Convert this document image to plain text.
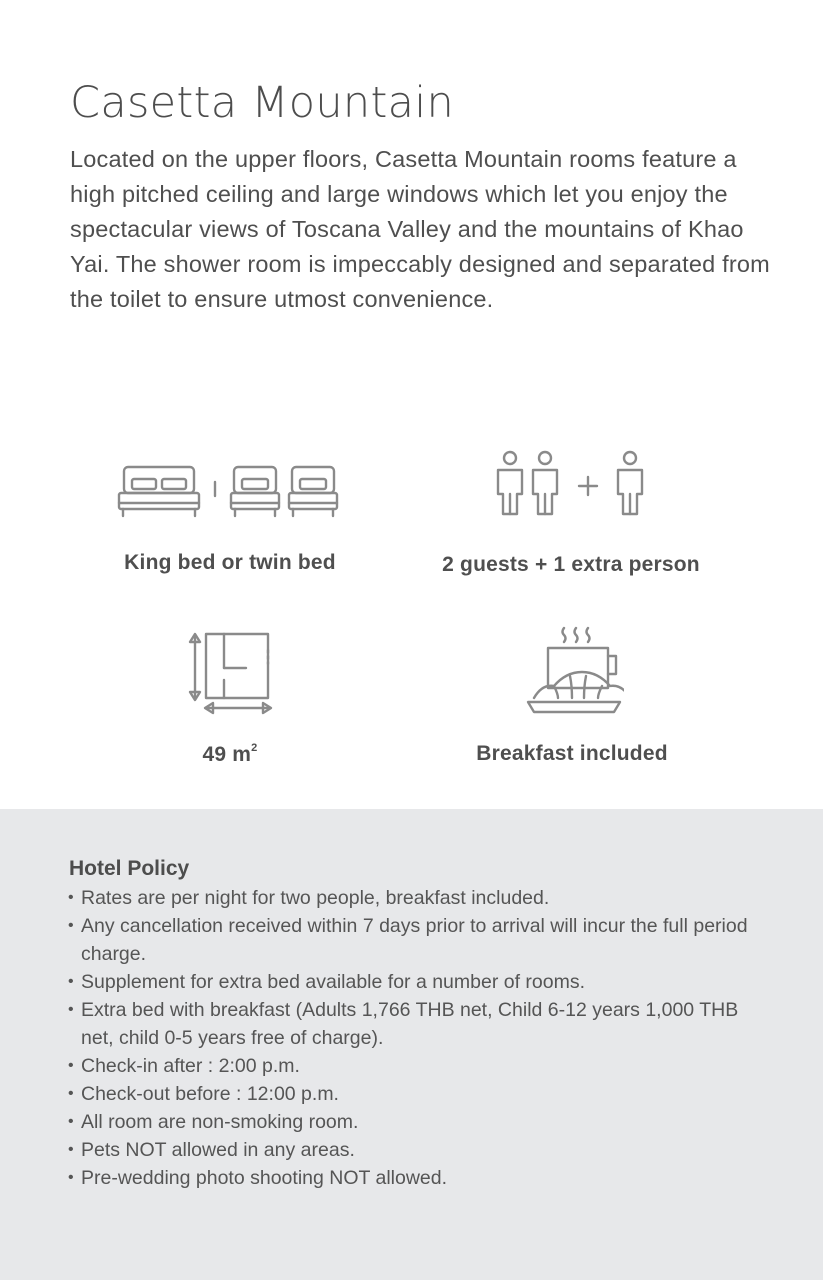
Casetta Mountain

Located on the upper floors, Casetta Mountain rooms feature a high pitched ceiling and large windows which let you enjoy the spectacular views of Toscana Valley and the mountains of Khao Yai. The shower room is impeccably designed and separated from the toilet to ensure utmost convenience.

King bed or twin bed	2 guests + 1 extra person
49 $m^2$	Breakfast included
Hotel Policy
• Rates are per night for two people, breakfast included.
• Any cancellation received within 7 days prior to arrival will incur the full period charge.
• Supplement for extra bed available for a number of rooms.
• Extra bed with breakfast (Adults 1,766 THB net, Child 6-12 years 1,000 THB net, child 0-5 years free of charge).
• Check-in after : 2:00 p.m.
• Check-out before : 12:00 p.m.
• All room are non-smoking room.
• Pets NOT allowed in any areas.
• Pre-wedding photo shooting NOT allowed.
